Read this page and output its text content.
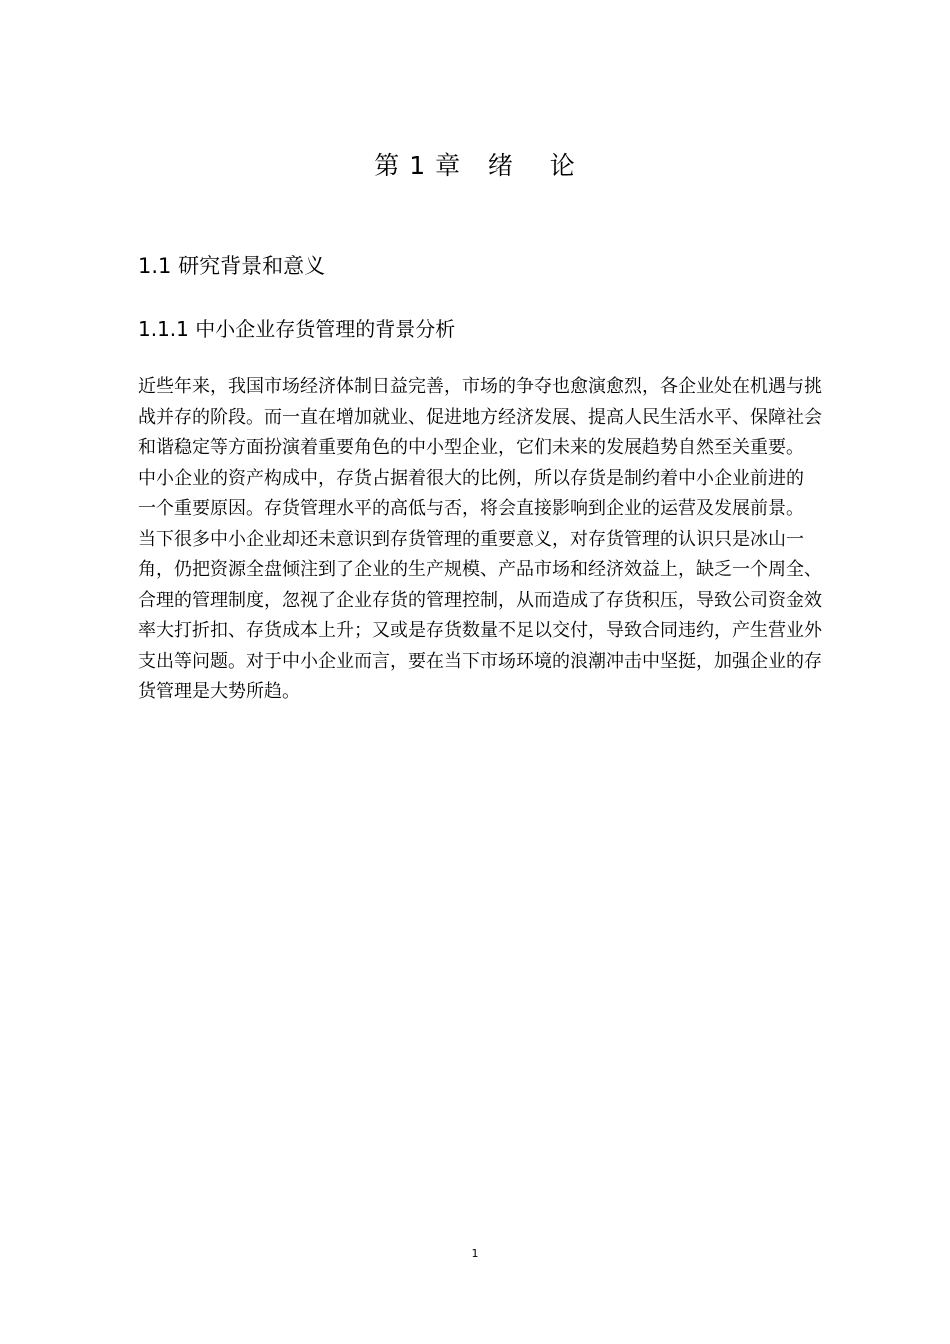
第 1 章   绪    论
1.1 研究背景和意义
1.1.1 中小企业存货管理的背景分析
近些年来，我国市场经济体制日益完善，市场的争夺也愈演愈烈，各企业处在机遇与挑
战并存的阶段。而一直在增加就业、促进地方经济发展、提高人民生活水平、保障社会
和谐稳定等方面扮演着重要角色的中小型企业，它们未来的发展趋势自然至关重要。
中小企业的资产构成中，存货占据着很大的比例，所以存货是制约着中小企业前进的
一个重要原因。存货管理水平的高低与否，将会直接影响到企业的运营及发展前景。
当下很多中小企业却还未意识到存货管理的重要意义，对存货管理的认识只是冰山一
角，仍把资源全盘倾注到了企业的生产规模、产品市场和经济效益上，缺乏一个周全、
合理的管理制度，忽视了企业存货的管理控制，从而造成了存货积压，导致公司资金效
率大打折扣、存货成本上升；又或是存货数量不足以交付，导致合同违约，产生营业外
支出等问题。对于中小企业而言，要在当下市场环境的浪潮冲击中坚挺，加强企业的存
货管理是大势所趋。
1
